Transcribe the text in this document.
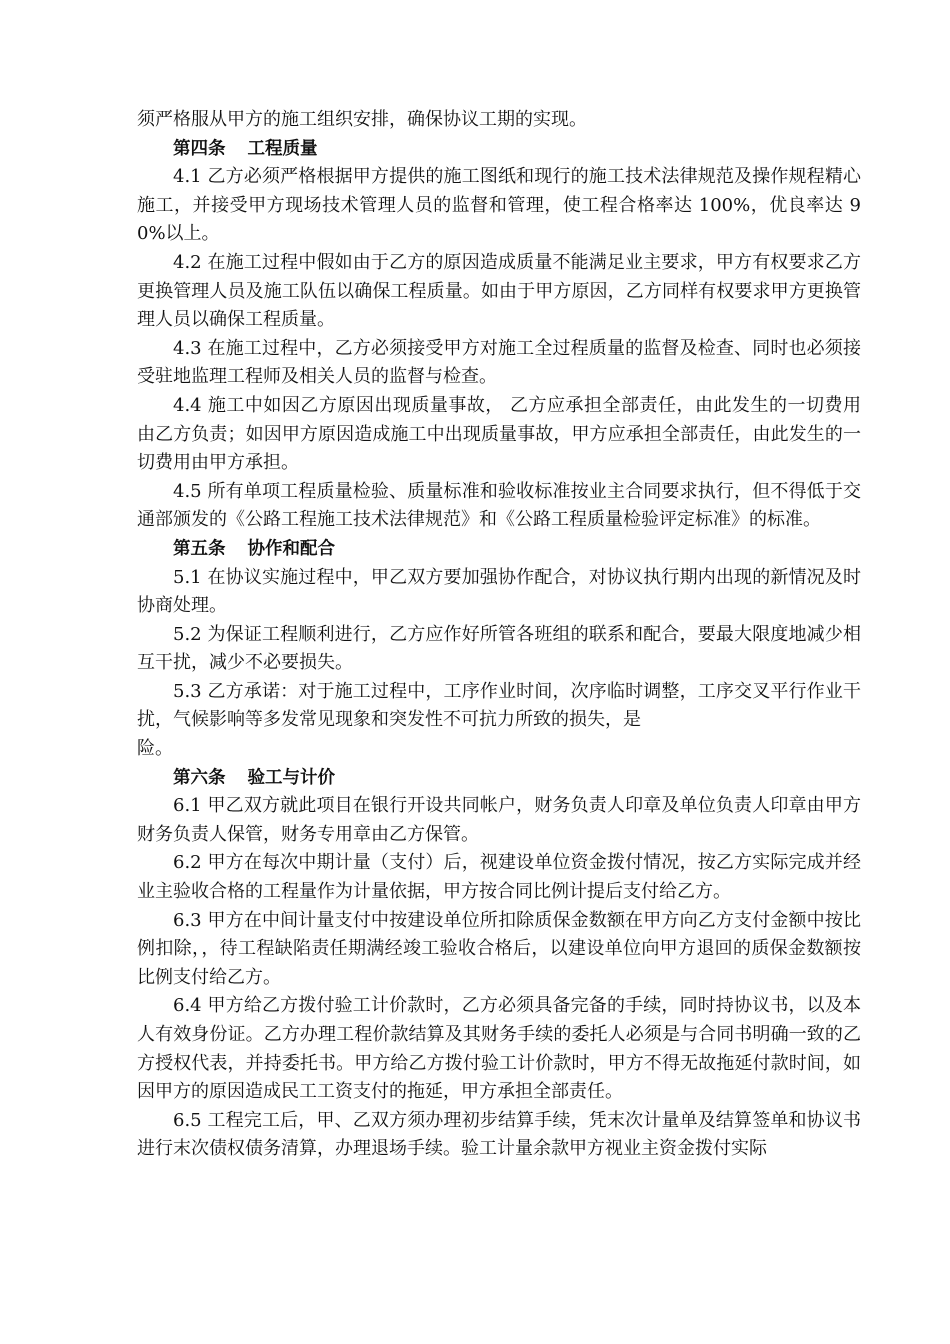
须严格服从甲方的施工组织安排，确保协议工期的实现。

第四条 工程质量

4.1 乙方必须严格根据甲方提供的施工图纸和现行的施工技术法律规范及操作规程精心施工，并接受甲方现场技术管理人员的监督和管理，使工程合格率达 100%，优良率达 90%以上。

4.2 在施工过程中假如由于乙方的原因造成质量不能满足业主要求，甲方有权要求乙方更换管理人员及施工队伍以确保工程质量。如由于甲方原因，乙方同样有权要求甲方更换管理人员以确保工程质量。

4.3 在施工过程中，乙方必须接受甲方对施工全过程质量的监督及检查、同时也必须接受驻地监理工程师及相关人员的监督与检查。

4.4 施工中如因乙方原因出现质量事故， 乙方应承担全部责任，由此发生的一切费用由乙方负责；如因甲方原因造成施工中出现质量事故，甲方应承担全部责任，由此发生的一切费用由甲方承担。

4.5 所有单项工程质量检验、质量标准和验收标准按业主合同要求执行，但不得低于交通部颁发的《公路工程施工技术法律规范》和《公路工程质量检验评定标准》的标准。

第五条 协作和配合

5.1 在协议实施过程中，甲乙双方要加强协作配合，对协议执行期内出现的新情况及时协商处理。

5.2 为保证工程顺利进行，乙方应作好所管各班组的联系和配合，要最大限度地减少相互干扰，减少不必要损失。

5.3 乙方承诺：对于施工过程中，工序作业时间，次序临时调整，工序交叉平行作业干扰，气候影响等多发常见现象和突发性不可抗力所致的损失，是

险。

第六条 验工与计价

6.1 甲乙双方就此项目在银行开设共同帐户，财务负责人印章及单位负责人印章由甲方财务负责人保管，财务专用章由乙方保管。

6.2 甲方在每次中期计量（支付）后，视建设单位资金拨付情况，按乙方实际完成并经业主验收合格的工程量作为计量依据，甲方按合同比例计提后支付给乙方。

6.3 甲方在中间计量支付中按建设单位所扣除质保金数额在甲方向乙方支付金额中按比例扣除，，待工程缺陷责任期满经竣工验收合格后，以建设单位向甲方退回的质保金数额按比例支付给乙方。

6.4 甲方给乙方拨付验工计价款时，乙方必须具备完备的手续，同时持协议书，以及本人有效身份证。乙方办理工程价款结算及其财务手续的委托人必须是与合同书明确一致的乙方授权代表，并持委托书。甲方给乙方拨付验工计价款时，甲方不得无故拖延付款时间，如因甲方的原因造成民工工资支付的拖延，甲方承担全部责任。

6.5 工程完工后，甲、乙双方须办理初步结算手续，凭末次计量单及结算签单和协议书进行末次债权债务清算，办理退场手续。验工计量余款甲方视业主资金拨付实际
